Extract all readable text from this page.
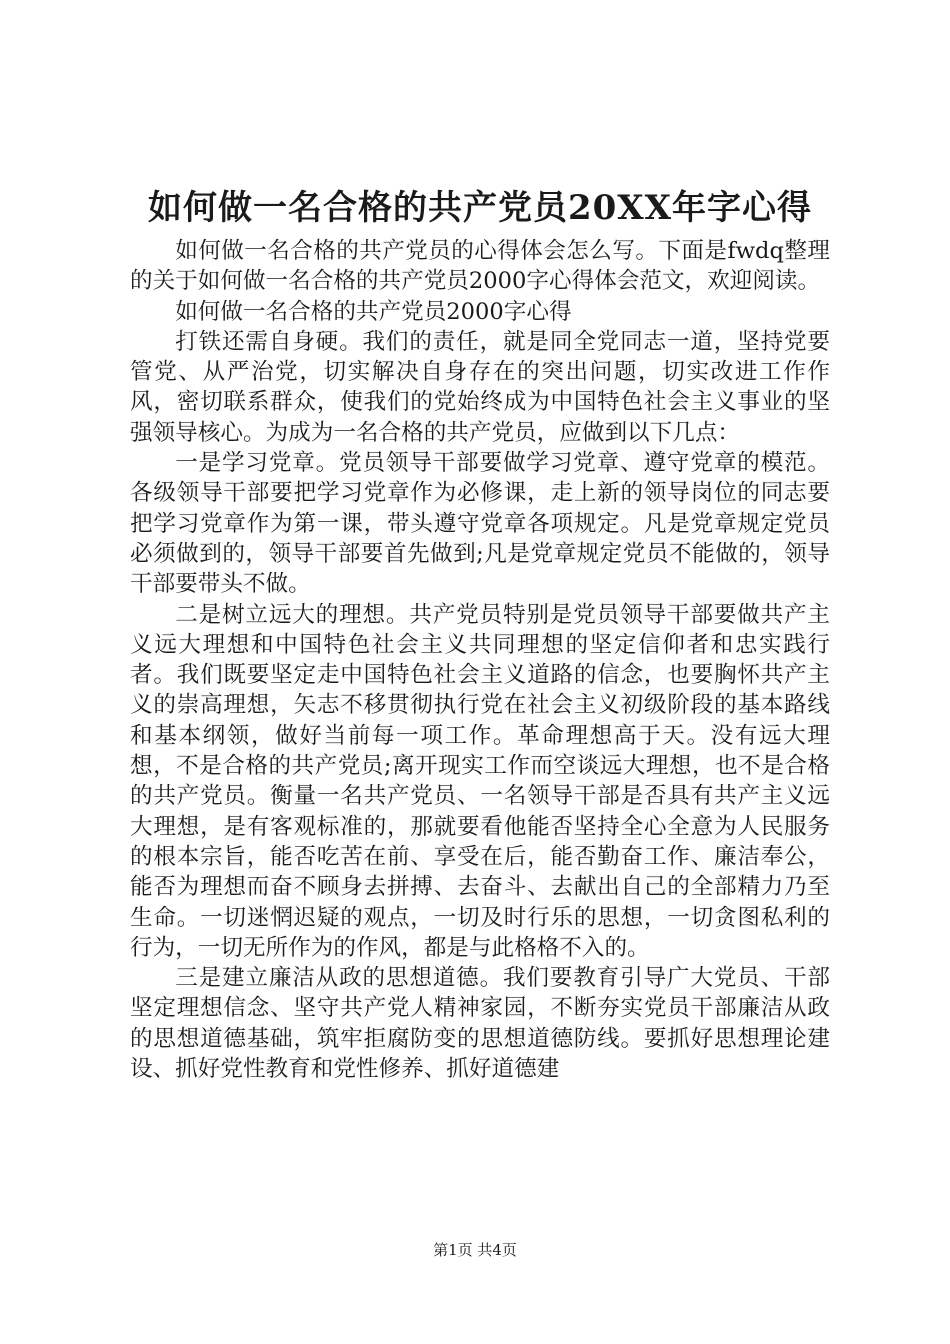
如何做一名合格的共产党员20XX年字心得

如何做一名合格的共产党员的心得体会怎么写。下面是fwdq整理的关于如何做一名合格的共产党员2000字心得体会范文，欢迎阅读。

如何做一名合格的共产党员2000字心得

打铁还需自身硬。我们的责任，就是同全党同志一道，坚持党要管党、从严治党，切实解决自身存在的突出问题，切实改进工作作风，密切联系群众，使我们的党始终成为中国特色社会主义事业的坚强领导核心。为成为一名合格的共产党员，应做到以下几点：

一是学习党章。党员领导干部要做学习党章、遵守党章的模范。各级领导干部要把学习党章作为必修课，走上新的领导岗位的同志要把学习党章作为第一课，带头遵守党章各项规定。凡是党章规定党员必须做到的，领导干部要首先做到;凡是党章规定党员不能做的，领导干部要带头不做。

二是树立远大的理想。共产党员特别是党员领导干部要做共产主义远大理想和中国特色社会主义共同理想的坚定信仰者和忠实践行者。我们既要坚定走中国特色社会主义道路的信念，也要胸怀共产主义的崇高理想，矢志不移贯彻执行党在社会主义初级阶段的基本路线和基本纲领，做好当前每一项工作。革命理想高于天。没有远大理想，不是合格的共产党员;离开现实工作而空谈远大理想，也不是合格的共产党员。衡量一名共产党员、一名领导干部是否具有共产主义远大理想，是有客观标准的，那就要看他能否坚持全心全意为人民服务的根本宗旨，能否吃苦在前、享受在后，能否勤奋工作、廉洁奉公，能否为理想而奋不顾身去拼搏、去奋斗、去献出自己的全部精力乃至生命。一切迷惘迟疑的观点，一切及时行乐的思想，一切贪图私利的行为，一切无所作为的作风，都是与此格格不入的。

三是建立廉洁从政的思想道德。我们要教育引导广大党员、干部坚定理想信念、坚守共产党人精神家园，不断夯实党员干部廉洁从政的思想道德基础，筑牢拒腐防变的思想道德防线。要抓好思想理论建设、抓好党性教育和党性修养、抓好道德建

第1页 共4页
